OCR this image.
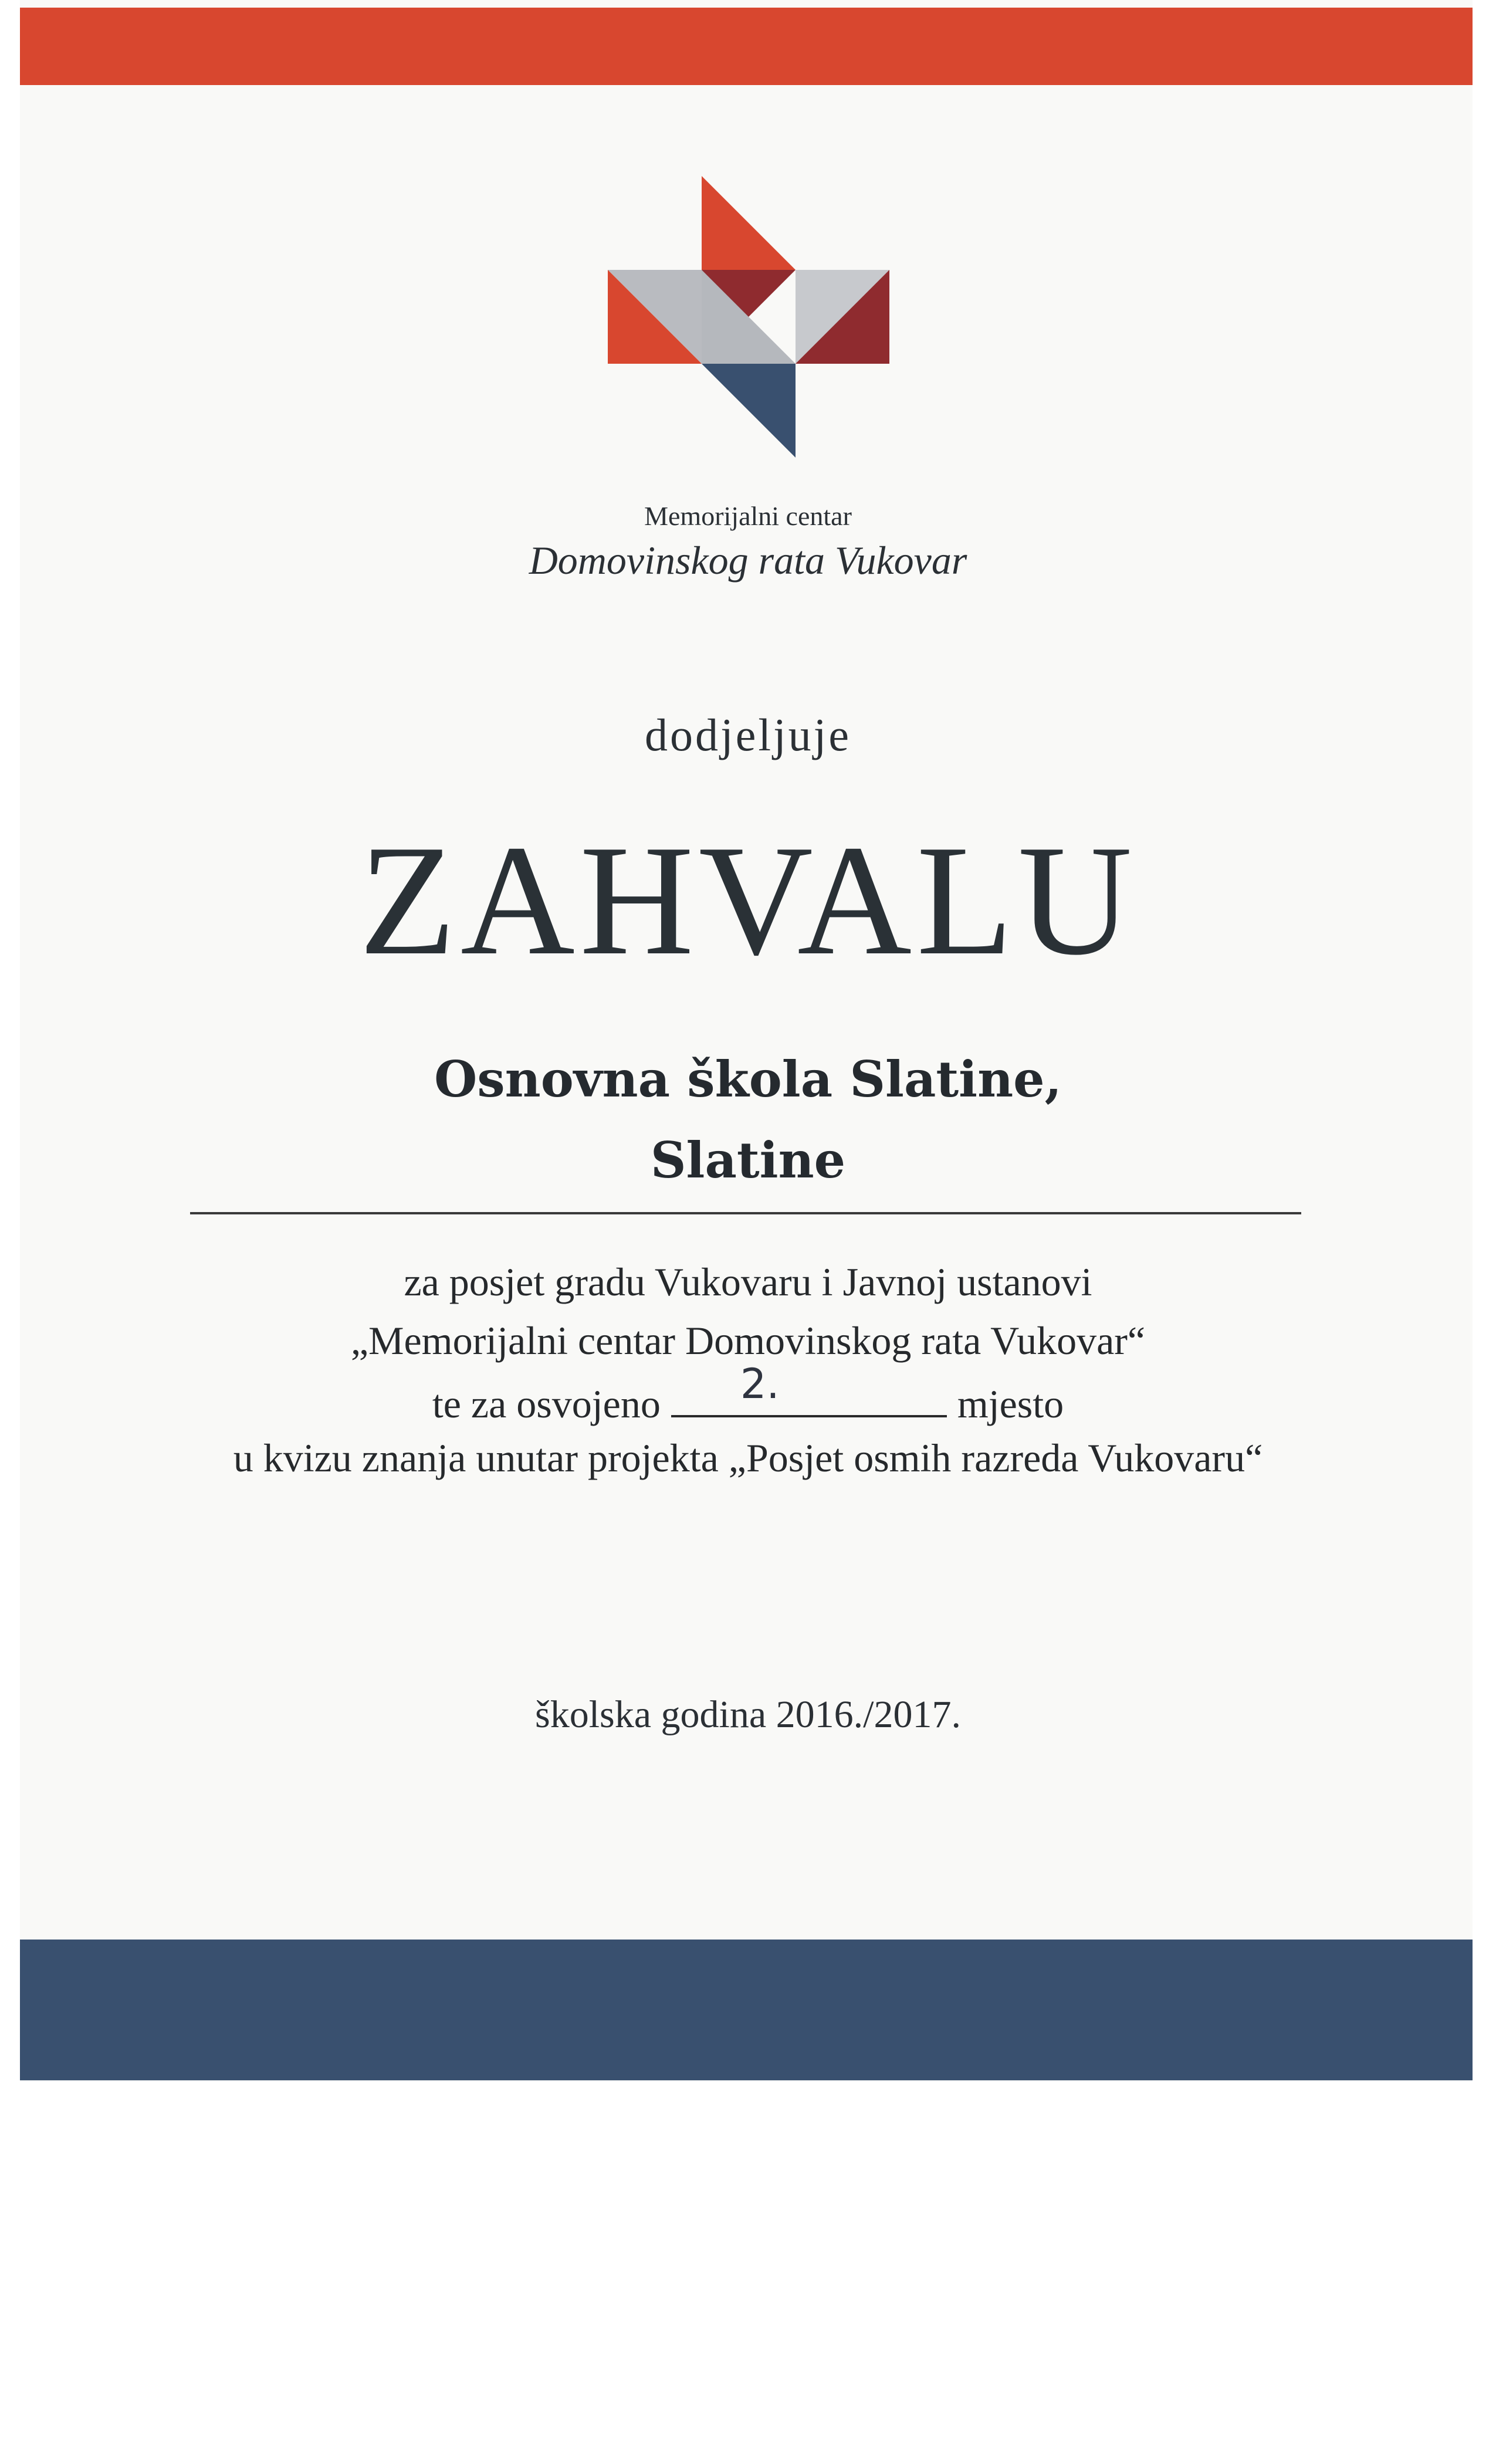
Memorijalni centar
Domovinskog rata Vukovar
dodjeljuje
ZAHVALU
Osnovna škola Slatine,
Slatine
za posjet gradu Vukovaru i Javnoj ustanovi
„Memorijalni centar Domovinskog rata Vukovar“
te za osvojeno 2.	mjesto
u kvizu znanja unutar projekta „Posjet osmih razreda Vukovaru“
školska godina 2016./2017.
